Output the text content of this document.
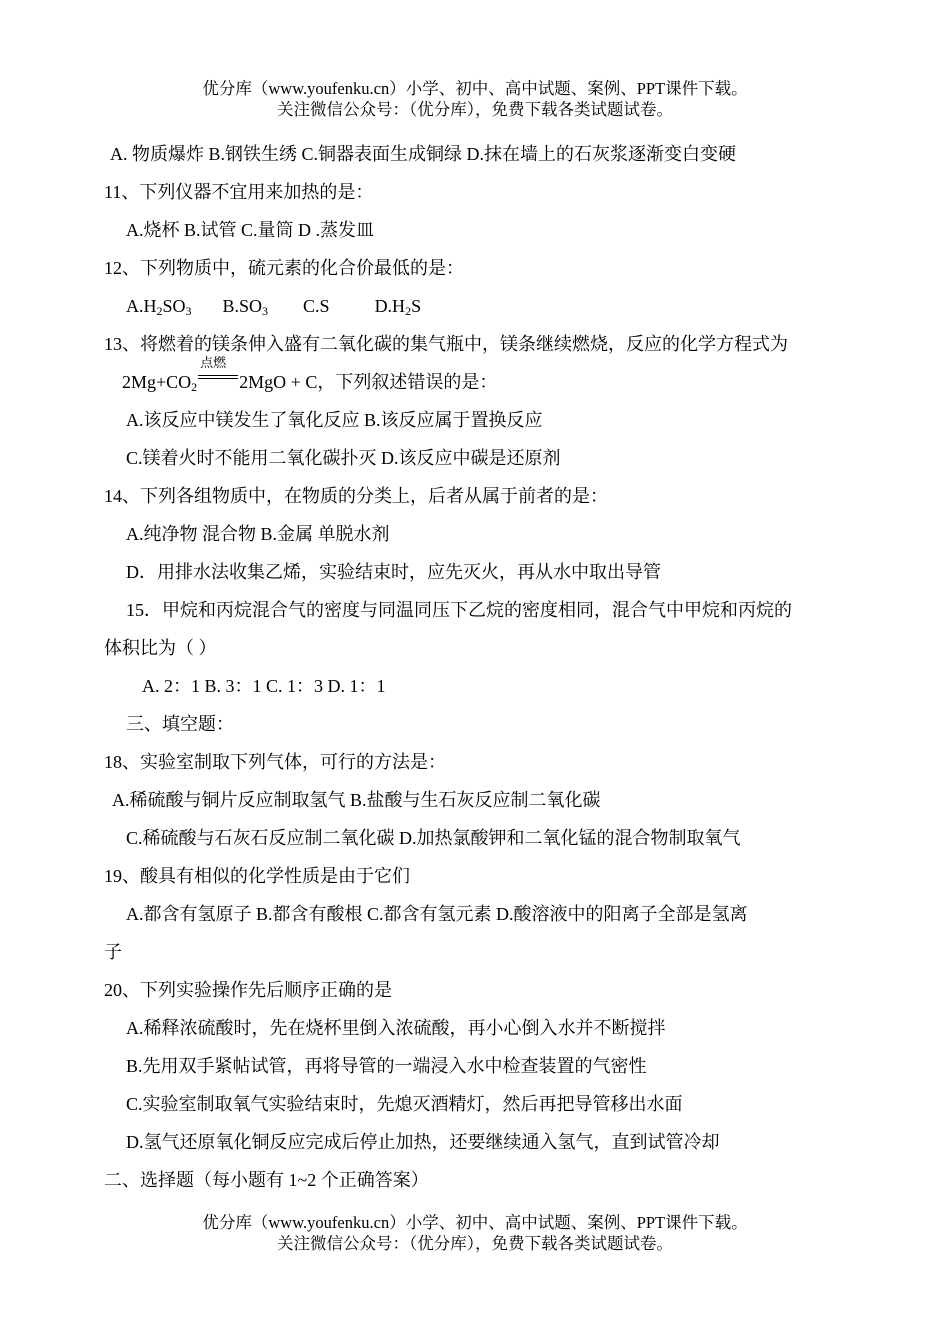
优分库（www.youfenku.cn）小学、初中、高中试题、案例、PPT课件下载。
关注微信公众号：（优分库），免费下载各类试题试卷。
A. 物质爆炸 B.钢铁生绣 C.铜器表面生成铜绿 D.抹在墙上的石灰浆逐渐变白变硬
11、下列仪器不宜用来加热的是：
A.烧杯 B.试管 C.量筒 D .蒸发皿
12、下列物质中，硫元素的化合价最低的是：
$A.H_2SO_3$ $B.SO_3$ C.S	$D.H_2S$
13、将燃着的镁条伸入盛有二氧化碳的集气瓶中，镁条继续燃烧，反应的化学方程式为
$2Mg+CO_2$
点燃
2MgO + C，下列叙述错误的是：
A.该反应中镁发生了氧化反应 B.该反应属于置换反应
C.镁着火时不能用二氧化碳扑灭 D.该反应中碳是还原剂
14、下列各组物质中，在物质的分类上，后者从属于前者的是：
A.纯净物 混合物 B.金属 单脱水剂
D．用排水法收集乙烯，实验结束时，应先灭火，再从水中取出导管
15．甲烷和丙烷混合气的密度与同温同压下乙烷的密度相同，混合气中甲烷和丙烷的
体积比为（ ）
A. 2：1 B. 3：1 C. 1：3 D. 1：1
三、填空题：
18、实验室制取下列气体，可行的方法是：
A.稀硫酸与铜片反应制取氢气 B.盐酸与生石灰反应制二氧化碳
C.稀硫酸与石灰石反应制二氧化碳 D.加热氯酸钾和二氧化锰的混合物制取氧气
19、酸具有相似的化学性质是由于它们
A.都含有氢原子 B.都含有酸根 C.都含有氢元素 D.酸溶液中的阳离子全部是氢离
子
20、下列实验操作先后顺序正确的是
A.稀释浓硫酸时，先在烧杯里倒入浓硫酸，再小心倒入水并不断搅拌
B.先用双手紧帖试管，再将导管的一端浸入水中检查装置的气密性
C.实验室制取氧气实验结束时，先熄灭酒精灯，然后再把导管移出水面
D.氢气还原氧化铜反应完成后停止加热，还要继续通入氢气，直到试管冷却
二、选择题（每小题有 1~2 个正确答案）
优分库（www.youfenku.cn）小学、初中、高中试题、案例、PPT课件下载。
关注微信公众号：（优分库），免费下载各类试题试卷。
